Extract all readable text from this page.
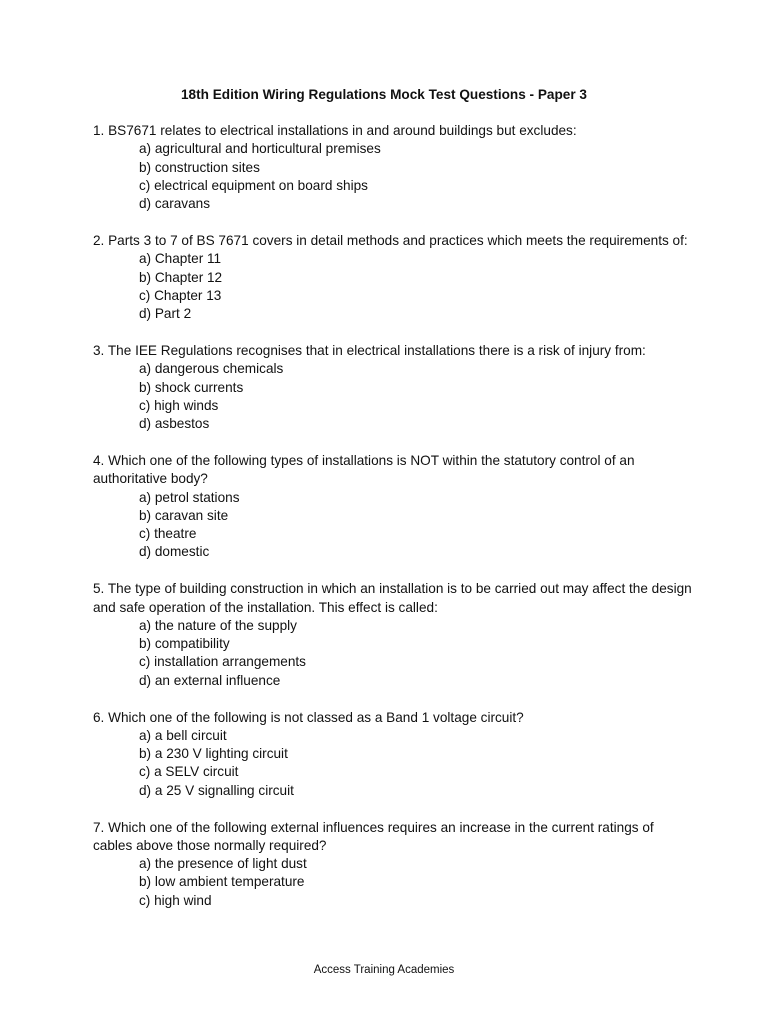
18th Edition Wiring Regulations Mock Test Questions - Paper 3
1. BS7671 relates to electrical installations in and around buildings but excludes:
a) agricultural and horticultural premises
b) construction sites
c) electrical equipment on board ships
d) caravans
2. Parts 3 to 7 of BS 7671 covers in detail methods and practices which meets the requirements of:
a) Chapter 11
b) Chapter 12
c) Chapter 13
d) Part 2
3. The IEE Regulations recognises that in electrical installations there is a risk of injury from:
a) dangerous chemicals
b) shock currents
c) high winds
d) asbestos
4. Which one of the following types of installations is NOT within the statutory control of an authoritative body?
a) petrol stations
b) caravan site
c) theatre
d) domestic
5. The type of building construction in which an installation is to be carried out may affect the design and safe operation of the installation. This effect is called:
a) the nature of the supply
b) compatibility
c) installation arrangements
d) an external influence
6. Which one of the following is not classed as a Band 1 voltage circuit?
a) a bell circuit
b) a 230 V lighting circuit
c) a SELV circuit
d) a 25 V signalling circuit
7. Which one of the following external influences requires an increase in the current ratings of cables above those normally required?
a) the presence of light dust
b) low ambient temperature
c) high wind
Access Training Academies
